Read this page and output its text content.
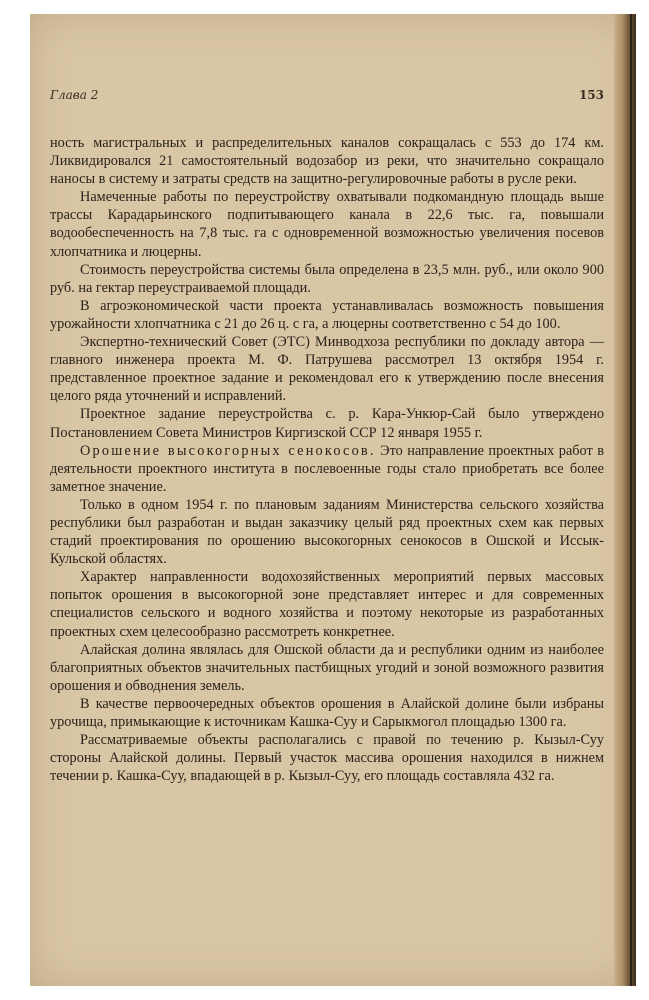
Глава 2	153

ность магистральных и распределительных каналов сокращалась с 553 до 174 км. Ликвидировался 21 самостоятельный водозабор из реки, что значительно сокращало наносы в систему и затраты средств на защитно-регулировочные работы в русле реки.

Намеченные работы по переустройству охватывали подкомандную площадь выше трассы Карадарьинского подпитывающего канала в 22,6 тыс. га, повышали водообеспеченность на 7,8 тыс. га с одновременной возможностью увеличения посевов хлопчатника и люцерны.

Стоимость переустройства системы была определена в 23,5 млн. руб., или около 900 руб. на гектар переустраиваемой площади.

В агроэкономической части проекта устанавливалась возможность повышения урожайности хлопчатника с 21 до 26 ц. с га, а люцерны соответственно с 54 до 100.

Экспертно-технический Совет (ЭТС) Минводхоза республики по докладу автора — главного инженера проекта М. Ф. Патрушева рассмотрел 13 октября 1954 г. представленное проектное задание и рекомендовал его к утверждению после внесения целого ряда уточнений и исправлений.

Проектное задание переустройства с. р. Кара-Ункюр-Сай было утверждено Постановлением Совета Министров Киргизской ССР 12 января 1955 г.

Орошение высокогорных сенокосов. Это направление проектных работ в деятельности проектного института в послевоенные годы стало приобретать все более заметное значение.

Только в одном 1954 г. по плановым заданиям Министерства сельского хозяйства республики был разработан и выдан заказчику целый ряд проектных схем как первых стадий проектирования по орошению высокогорных сенокосов в Ошской и Иссык-Кульской областях.

Характер направленности водохозяйственных мероприятий первых массовых попыток орошения в высокогорной зоне представляет интерес и для современных специалистов сельского и водного хозяйства и поэтому некоторые из разработанных проектных схем целесообразно рассмотреть конкретнее.

Алайская долина являлась для Ошской области да и республики одним из наиболее благоприятных объектов значительных пастбищных угодий и зоной возможного развития орошения и обводнения земель.

В качестве первоочередных объектов орошения в Алайской долине были избраны урочища, примыкающие к источникам Кашка-Суу и Сарыкмогол площадью 1300 га.

Рассматриваемые объекты располагались с правой по течению р. Кызыл-Суу стороны Алайской долины. Первый участок массива орошения находился в нижнем течении р. Кашка-Суу, впадающей в р. Кызыл-Суу, его площадь составляла 432 га.
